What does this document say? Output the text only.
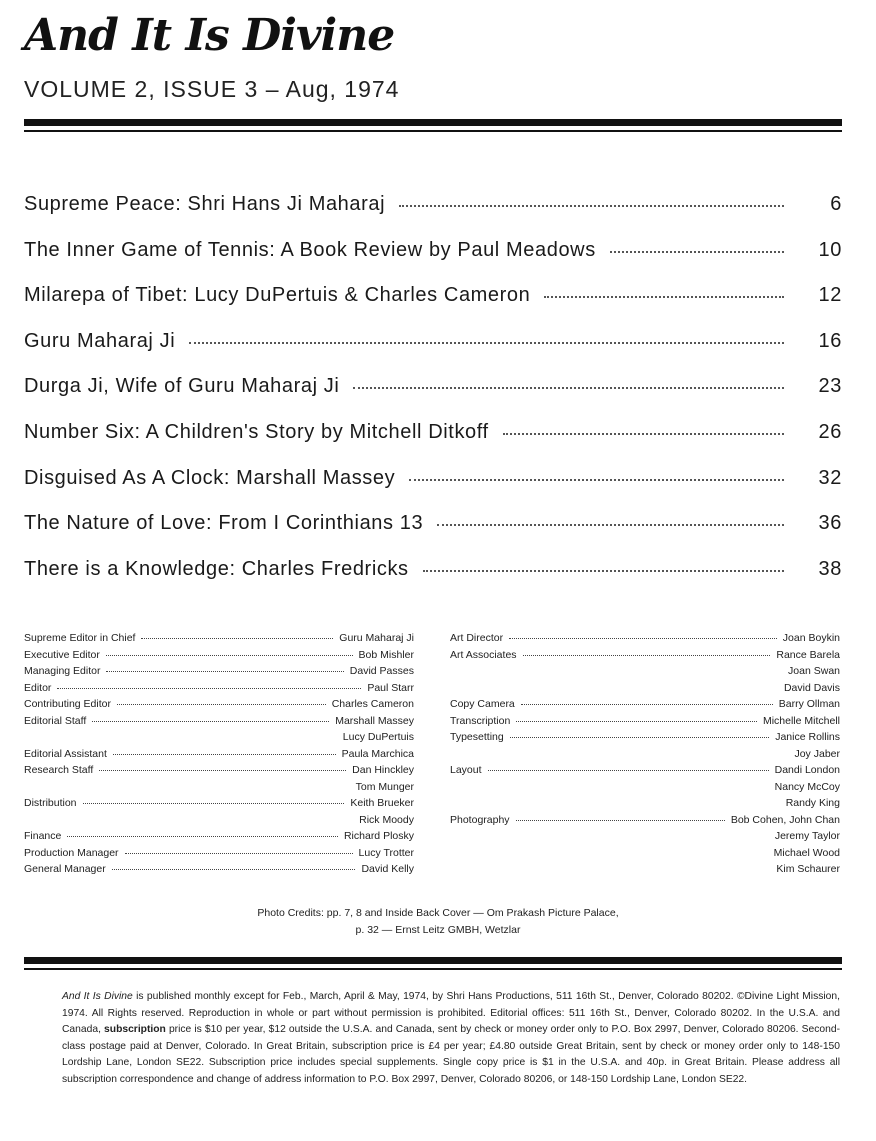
And It Is Divine
VOLUME 2, ISSUE 3 – Aug, 1974
Supreme Peace: Shri Hans Ji Maharaj	6
The Inner Game of Tennis: A Book Review by Paul Meadows	10
Milarepa of Tibet: Lucy DuPertuis & Charles Cameron	12
Guru Maharaj Ji	16
Durga Ji, Wife of Guru Maharaj Ji	23
Number Six: A Children's Story by Mitchell Ditkoff	26
Disguised As A Clock: Marshall Massey	32
The Nature of Love: From I Corinthians 13	36
There is a Knowledge: Charles Fredricks	38
Supreme Editor in Chief	Guru Maharaj Ji
Executive Editor	Bob Mishler
Managing Editor	David Passes
Editor	Paul Starr
Contributing Editor	Charles Cameron
Editorial Staff	Marshall Massey
Lucy DuPertuis
Editorial Assistant	Paula Marchica
Research Staff	Dan Hinckley
Tom Munger
Distribution	Keith Brueker
Rick Moody
Finance	Richard Plosky
Production Manager	Lucy Trotter
General Manager	David Kelly
Art Director	Joan Boykin
Art Associates	Rance Barela
Joan Swan
David Davis
Copy Camera	Barry Ollman
Transcription	Michelle Mitchell
Typesetting	Janice Rollins
Joy Jaber
Layout	Dandi London
Nancy McCoy
Randy King
Photography	Bob Cohen, John Chan
Jeremy Taylor
Michael Wood
Kim Schaurer
Photo Credits: pp. 7, 8 and Inside Back Cover — Om Prakash Picture Palace,
p. 32 — Ernst Leitz GMBH, Wetzlar
And It Is Divine is published monthly except for Feb., March, April & May, 1974, by Shri Hans Productions, 511 16th St., Denver, Colorado 80202. ©Divine Light Mission, 1974. All Rights reserved. Reproduction in whole or part without permission is prohibited. Editorial offices: 511 16th St., Denver, Colorado 80202. In the U.S.A. and Canada, subscription price is $10 per year, $12 outside the U.S.A. and Canada, sent by check or money order only to P.O. Box 2997, Denver, Colorado 80206. Second-class postage paid at Denver, Colorado. In Great Britain, subscription price is £4 per year; £4.80 outside Great Britain, sent by check or money order only to 148-150 Lordship Lane, London SE22. Subscription price includes special supplements. Single copy price is $1 in the U.S.A. and 40p. in Great Britain. Please address all subscription correspondence and change of address information to P.O. Box 2997, Denver, Colorado 80206, or 148-150 Lordship Lane, London SE22.
